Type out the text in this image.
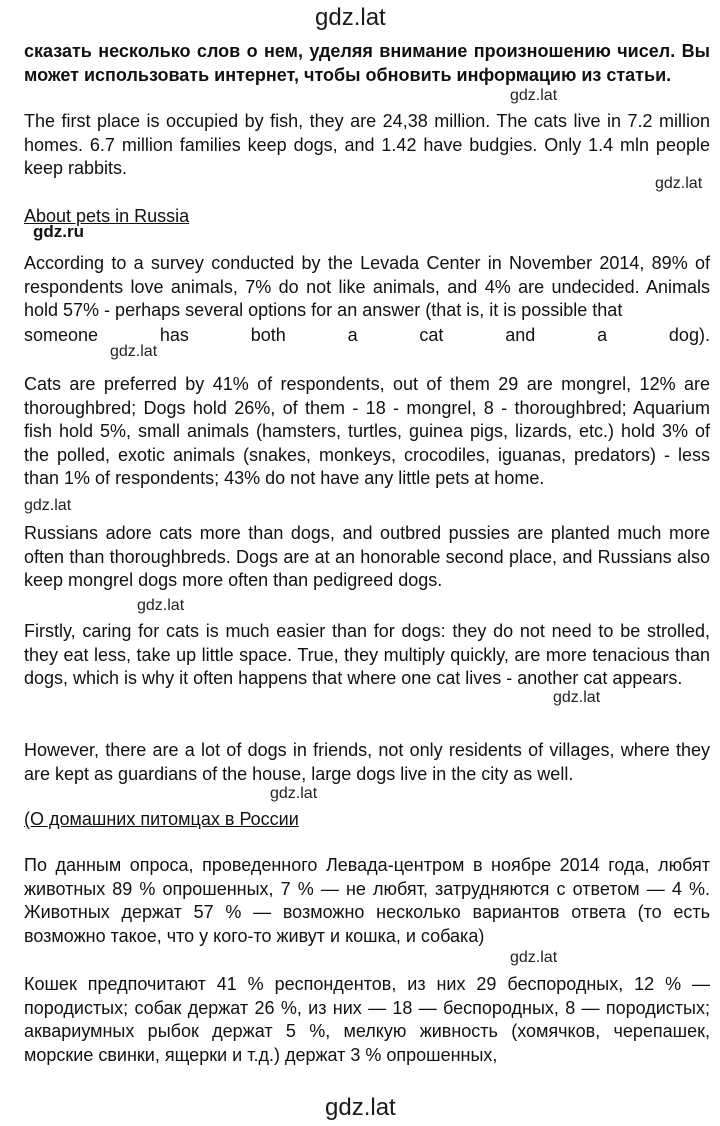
gdz.lat

сказать несколько слов о нем, уделяя внимание произношению чисел. Вы может использовать интернет, чтобы обновить информацию из статьи.

gdz.lat

The first place is occupied by fish, they are 24,38 million. The cats live in 7.2 million homes. 6.7 million families keep dogs, and 1.42 have budgies. Only 1.4 mln people keep rabbits.

gdz.lat
About pets in Russia
gdz.ru

According to a survey conducted by the Levada Center in November 2014, 89% of respondents love animals, 7% do not like animals, and 4% are undecided. Animals hold 57% - perhaps several options for an answer (that is, it is possible that

someone	has	both	a	cat	and	a	dog).
gdz.lat

Cats are preferred by 41% of respondents, out of them 29 are mongrel, 12% are thoroughbred; Dogs hold 26%, of them - 18 - mongrel, 8 - thoroughbred; Aquarium fish hold 5%, small animals (hamsters, turtles, guinea pigs, lizards, etc.) hold 3% of the polled, exotic animals (snakes, monkeys, crocodiles, iguanas, predators) - less than 1% of respondents; 43% do not have any little pets at home.

gdz.lat

Russians adore cats more than dogs, and outbred pussies are planted much more often than thoroughbreds. Dogs are at an honorable second place, and Russians also keep mongrel dogs more often than pedigreed dogs.

gdz.lat

Firstly, caring for cats is much easier than for dogs: they do not need to be strolled, they eat less, take up little space. True, they multiply quickly, are more tenacious than dogs, which is why it often happens that where one cat lives - another cat appears.

gdz.lat

However, there are a lot of dogs in friends, not only residents of villages, where they are kept as guardians of the house, large dogs live in the city as well.

gdz.lat
(О домашних питомцах в России

По данным опроса, проведенного Левада-центром в ноябре 2014 года, любят животных 89 % опрошенных, 7 % — не любят, затрудняются с ответом — 4 %. Животных держат 57 % — возможно несколько вариантов ответа (то есть возможно такое, что у кого-то живут и кошка, и собака)

gdz.lat

Кошек предпочитают 41 % респондентов, из них 29 беспородных, 12 % — породистых; собак держат 26 %, из них — 18 — беспородных, 8 — породистых; аквариумных рыбок держат 5 %, мелкую живность (хомячков, черепашек, морские свинки, ящерки и т.д.) держат 3 % опрошенных,

gdz.lat
